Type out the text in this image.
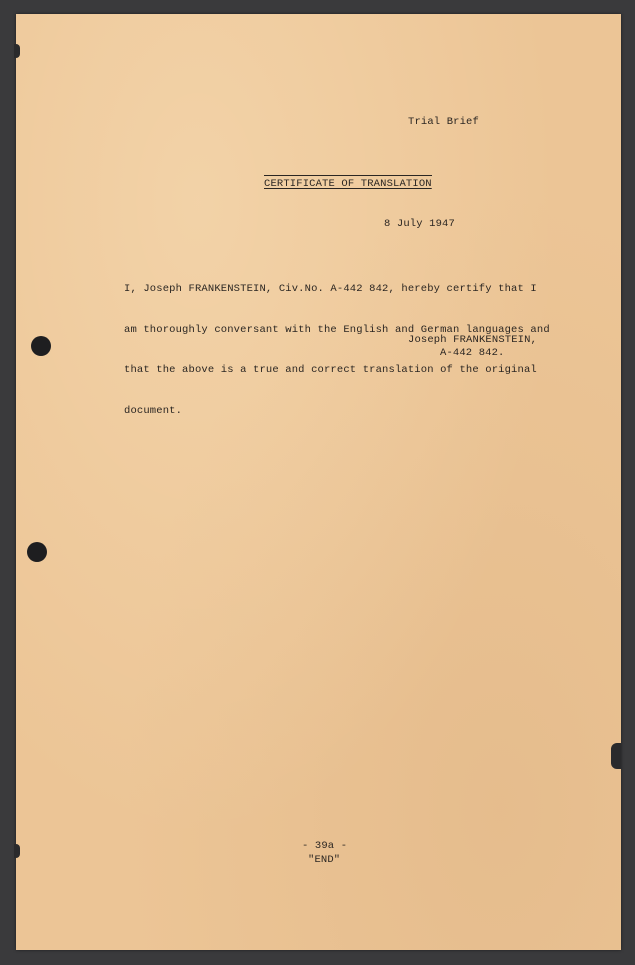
Trial Brief
CERTIFICATE OF TRANSLATION
8 July 1947

I, Joseph FRANKENSTEIN, Civ.No. A-442 842, hereby certify that I

am thoroughly conversant with the English and German languages and

that the above is a true and correct translation of the original

document.

Joseph FRANKENSTEIN,
A-442 842.
- 39a -
"END"
